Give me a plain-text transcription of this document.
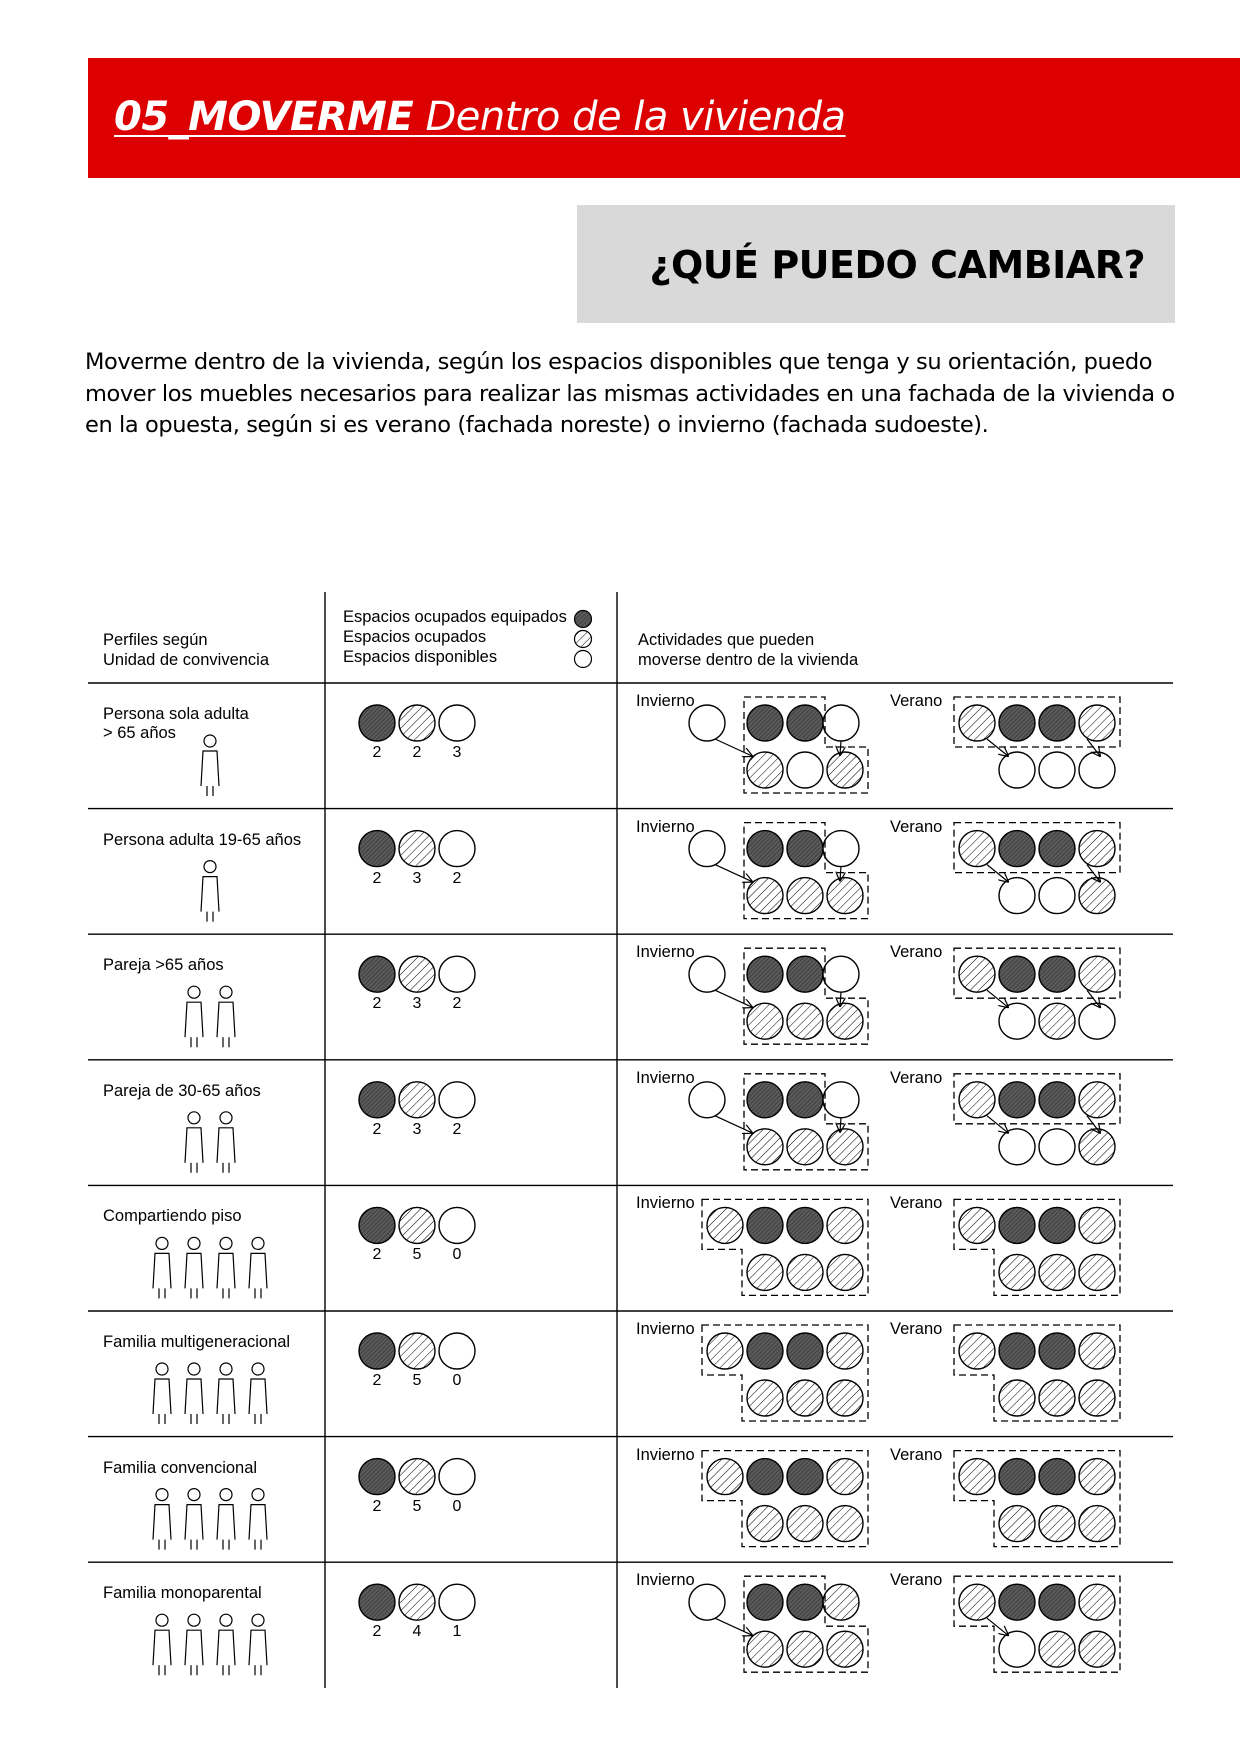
05_MOVERME Dentro de la vivienda
¿QUÉ PUEDO CAMBIAR?

Moverme dentro de la vivienda, según los espacios disponibles que tenga y su orientación, puedo mover los muebles necesarios para realizar las mismas actividades en una fachada de la vivienda o en la opuesta, según si es verano (fachada noreste) o invierno (fachada sudoeste).

Perfiles según
Unidad de convivencia
Espacios ocupados equipados
Espacios ocupados
Espacios disponibles
Actividades que pueden
moverse dentro de la vivienda
Persona sola adulta
> 65 años
2	2	3
Invierno	Verano
Persona adulta 19-65 años
2	3	2
Invierno	Verano
Pareja >65 años
2	3	2
Invierno	Verano
Pareja de 30-65 años
2	3	2
Invierno	Verano
Compartiendo piso
2	5	0
Invierno	Verano
Familia multigeneracional
2	5	0
Invierno	Verano
Familia convencional
2	5	0
Invierno	Verano
Familia monoparental
2	4	1
Invierno	Verano
